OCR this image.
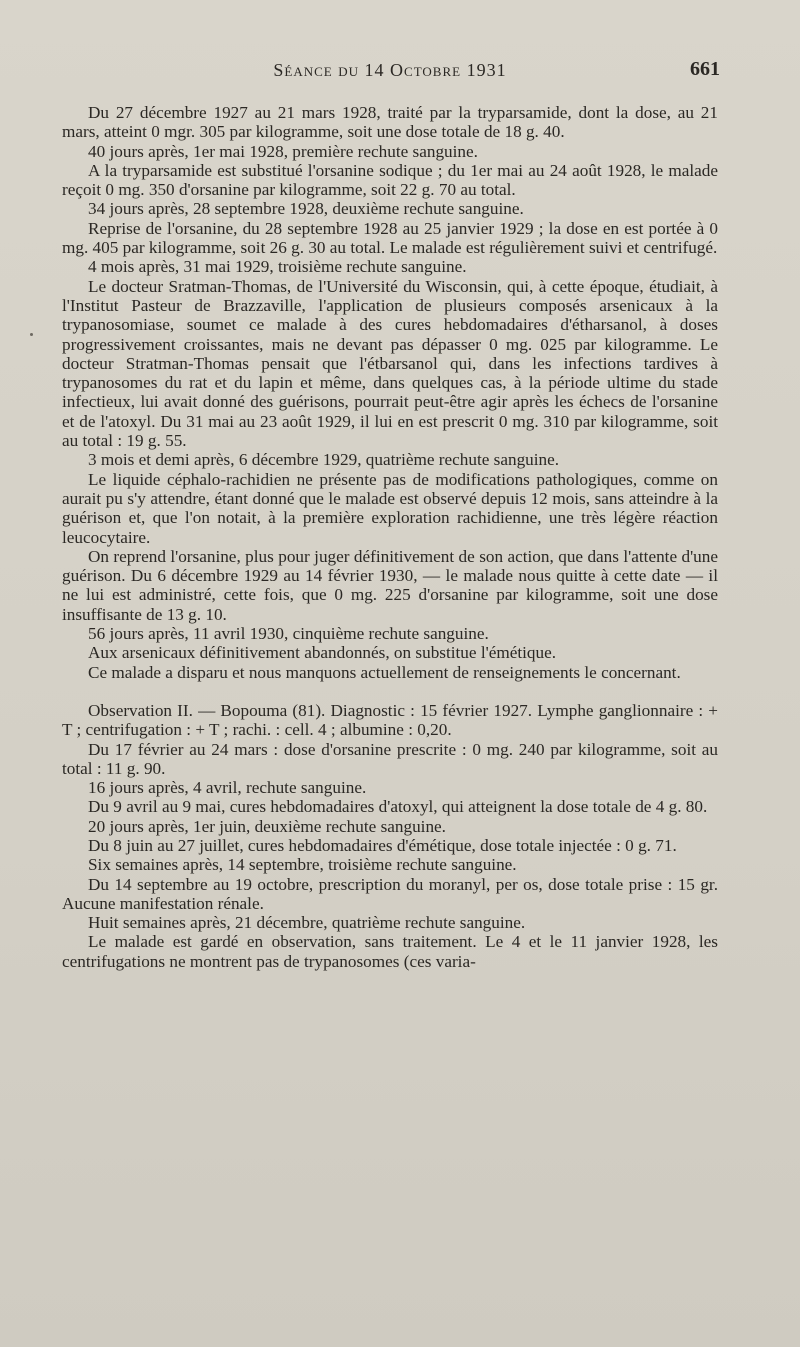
Séance du 14 Octobre 1931	661

Du 27 décembre 1927 au 21 mars 1928, traité par la tryparsamide, dont la dose, au 21 mars, atteint 0 mgr. 305 par kilogramme, soit une dose totale de 18 g. 40.

40 jours après, 1er mai 1928, première rechute sanguine.

A la tryparsamide est substitué l'orsanine sodique ; du 1er mai au 24 août 1928, le malade reçoit 0 mg. 350 d'orsanine par kilogramme, soit 22 g. 70 au total.

34 jours après, 28 septembre 1928, deuxième rechute sanguine.

Reprise de l'orsanine, du 28 septembre 1928 au 25 janvier 1929 ; la dose en est portée à 0 mg. 405 par kilogramme, soit 26 g. 30 au total. Le malade est régulièrement suivi et centrifugé.

4 mois après, 31 mai 1929, troisième rechute sanguine.

Le docteur Sratman-Thomas, de l'Université du Wisconsin, qui, à cette époque, étudiait, à l'Institut Pasteur de Brazzaville, l'application de plusieurs composés arsenicaux à la trypanosomiase, soumet ce malade à des cures hebdomadaires d'étharsanol, à doses progressivement croissantes, mais ne devant pas dépasser 0 mg. 025 par kilogramme. Le docteur Stratman-Thomas pensait que l'étbarsanol qui, dans les infections tardives à trypanosomes du rat et du lapin et même, dans quelques cas, à la période ultime du stade infectieux, lui avait donné des guérisons, pourrait peut-être agir après les échecs de l'orsanine et de l'atoxyl. Du 31 mai au 23 août 1929, il lui en est prescrit 0 mg. 310 par kilogramme, soit au total : 19 g. 55.

3 mois et demi après, 6 décembre 1929, quatrième rechute sanguine.

Le liquide céphalo-rachidien ne présente pas de modifications pathologiques, comme on aurait pu s'y attendre, étant donné que le malade est observé depuis 12 mois, sans atteindre à la guérison et, que l'on notait, à la première exploration rachidienne, une très légère réaction leucocytaire.

On reprend l'orsanine, plus pour juger définitivement de son action, que dans l'attente d'une guérison. Du 6 décembre 1929 au 14 février 1930, — le malade nous quitte à cette date — il ne lui est administré, cette fois, que 0 mg. 225 d'orsanine par kilogramme, soit une dose insuffisante de 13 g. 10.

56 jours après, 11 avril 1930, cinquième rechute sanguine.

Aux arsenicaux définitivement abandonnés, on substitue l'émétique.

Ce malade a disparu et nous manquons actuellement de renseignements le concernant.

Observation II. — Bopouma (81). Diagnostic : 15 février 1927. Lymphe ganglionnaire : + T ; centrifugation : + T ; rachi. : cell. 4 ; albumine : 0,20.

Du 17 février au 24 mars : dose d'orsanine prescrite : 0 mg. 240 par kilogramme, soit au total : 11 g. 90.

16 jours après, 4 avril, rechute sanguine.

Du 9 avril au 9 mai, cures hebdomadaires d'atoxyl, qui atteignent la dose totale de 4 g. 80.

20 jours après, 1er juin, deuxième rechute sanguine.

Du 8 juin au 27 juillet, cures hebdomadaires d'émétique, dose totale injectée : 0 g. 71.

Six semaines après, 14 septembre, troisième rechute sanguine.

Du 14 septembre au 19 octobre, prescription du moranyl, per os, dose totale prise : 15 gr. Aucune manifestation rénale.

Huit semaines après, 21 décembre, quatrième rechute sanguine.

Le malade est gardé en observation, sans traitement. Le 4 et le 11 janvier 1928, les centrifugations ne montrent pas de trypanosomes (ces varia-
